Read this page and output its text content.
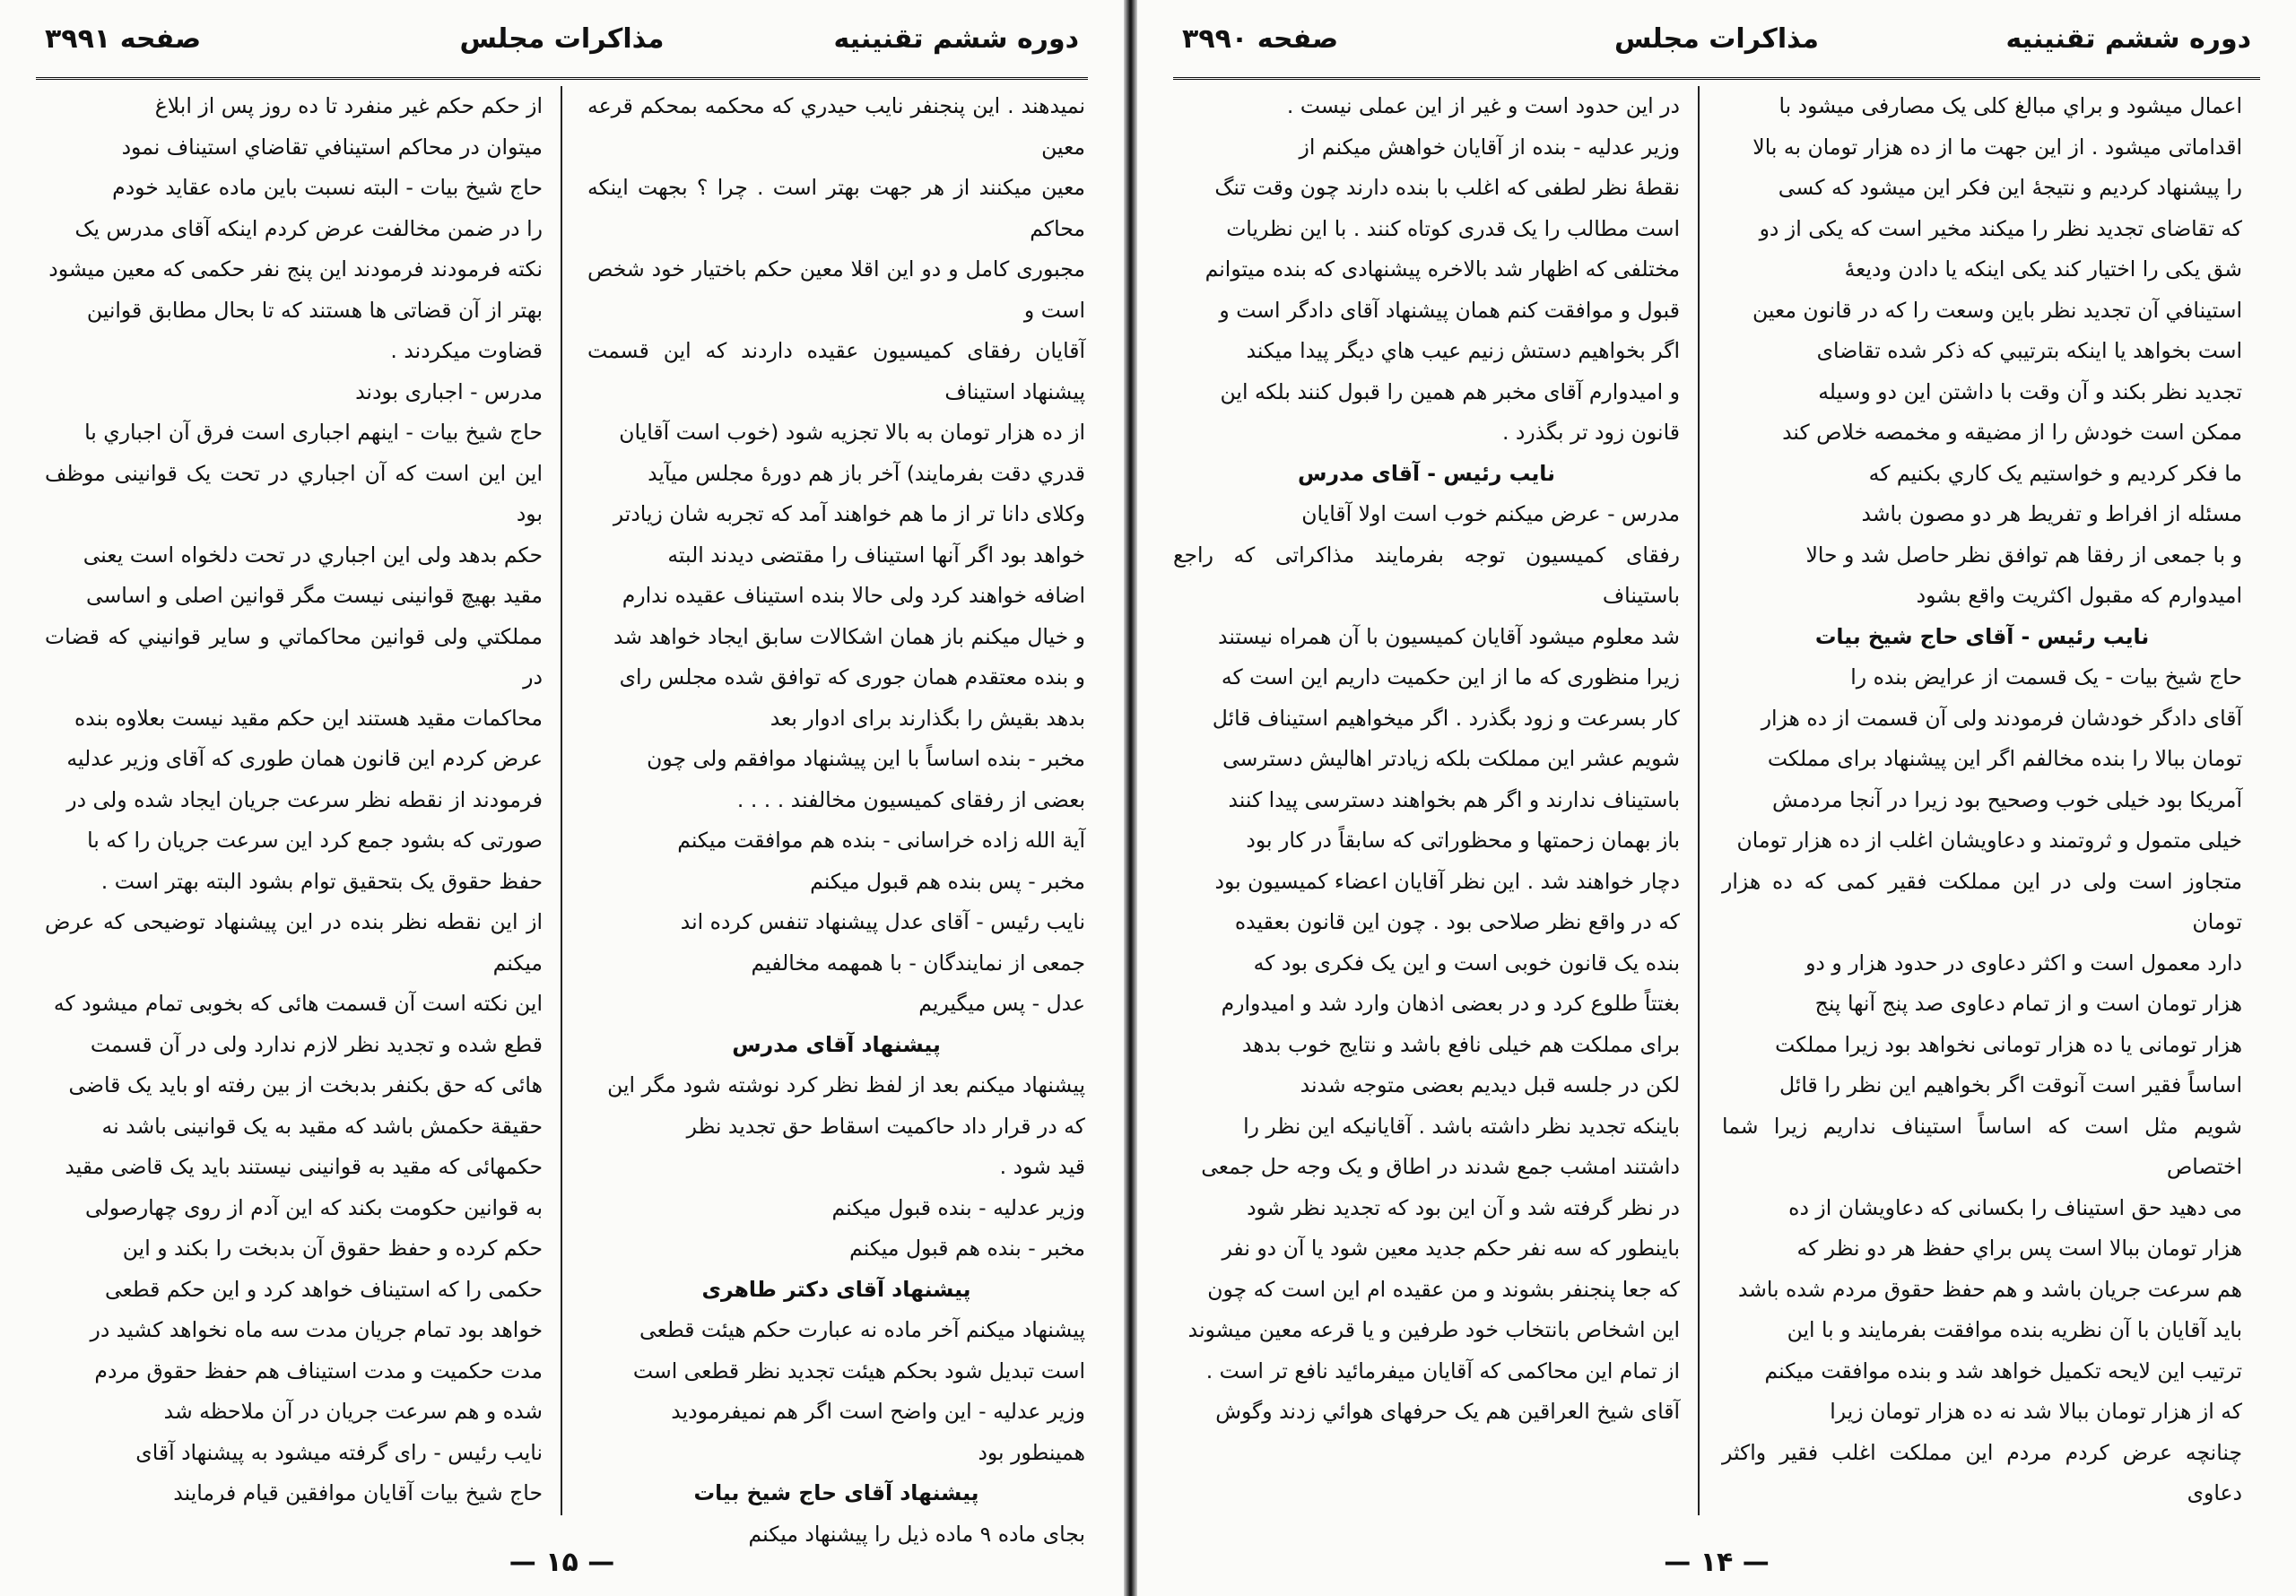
دوره ششم تقنینیه
مذاکرات مجلس
صفحه ۳۹۹۱

نمیدهند . این پنجنفر نایب حیدري که محکمه بمحکم قرعه معین

معین میکنند از هر جهت بهتر است . چرا ؟ بجهت اینکه محاکم

مجبوری کامل و دو این اقلا معین حکم باختیار خود شخص است و

آقایان رفقای کمیسیون عقیده داردند که این قسمت پیشنهاد استیناف

از ده هزار تومان به بالا تجزیه شود (خوب است آقایان

قدري دقت بفرمایند) آخر باز هم دورهٔ مجلس میآید

وکلای دانا تر از ما هم خواهند آمد که تجربه شان زیادتر

خواهد بود اگر آنها استیناف را مقتضی دیدند البته

اضافه خواهند کرد ولی حالا بنده استیناف عقیده ندارم

و خیال میکنم باز همان اشکالات سابق ایجاد خواهد شد

و بنده معتقدم همان جوری که توافق شده مجلس رای

بدهد بقیش را بگذارند برای ادوار بعد

مخبر - بنده اساساً با این پیشنهاد موافقم ولی چون

بعضی از رفقای کمیسیون مخالفند . . . .

آیة الله زاده خراسانی - بنده هم موافقت میکنم

مخبر - پس بنده هم قبول میکنم

نایب رئیس - آقای عدل پیشنهاد تنفس کرده اند

جمعی از نمایندگان - با همهمه مخالفیم

عدل - پس میگیریم

پیشنهاد آقای مدرس

پیشنهاد میکنم بعد از لفظ نظر کرد نوشته شود مگر این

که در قرار داد حاکمیت اسقاط حق تجدید نظر

قید شود .

وزیر عدلیه - بنده قبول میکنم

مخبر - بنده هم قبول میکنم

پیشنهاد آقای دکتر طاهری

پیشنهاد میکنم آخر ماده نه عبارت حکم هیئت قطعی

است تبدیل شود بحکم هیئت تجدید نظر قطعی است

وزیر عدلیه - این واضح است اگر هم نمیفرمودید

همینطور بود

پیشنهاد آقای حاج شیخ بیات

بجای ماده ۹ ماده ذیل را پیشنهاد میکنم

از حکم حکم غیر منفرد تا ده روز پس از ابلاغ

میتوان در محاکم استینافي تقاضاي استیناف نمود

حاج شیخ بیات - البته نسبت باین ماده عقاید خودم

را در ضمن مخالفت عرض کردم اینکه آقای مدرس یک

نکته فرمودند فرمودند این پنج نفر حکمی که معین میشود

بهتر از آن قضاتی ها هستند که تا بحال مطابق قوانین

قضاوت میکردند .

مدرس - اجباری بودند

حاج شیخ بیات - اینهم اجباری است فرق آن اجباري با

این این است که آن اجباري در تحت یک قوانینی موظف بود

حکم بدهد ولی این اجباري در تحت دلخواه است یعنی

مقید بهیچ قوانینی نیست مگر قوانین اصلی و اساسی

مملکتي ولی قوانین محاکماتي و سایر قوانیني که قضات در

محاکمات مقید هستند این حکم مقید نیست بعلاوه بنده

عرض کردم این قانون همان طوری که آقای وزیر عدلیه

فرمودند از نقطه نظر سرعت جریان ایجاد شده ولی در

صورتی که بشود جمع کرد این سرعت جریان را که با

حفظ حقوق یک بتحقیق توام بشود البته بهتر است .

از این نقطه نظر بنده در این پیشنهاد توضیحی که عرض میکنم

این نکته است آن قسمت هائی که بخوبی تمام میشود که

قطع شده و تجدید نظر لازم ندارد ولی در آن قسمت

هائی که حق بکنفر بدبخت از بین رفته او باید یک قاضی

حقیقة حکمش باشد که مقید به یک قوانینی باشد نه

حکمهائی که مقید به قوانینی نیستند باید یک قاضی مقید

به قوانین حکومت بکند که این آدم از روی چهارصولی

حکم کرده و حفظ حقوق آن بدبخت را بکند و این

حکمی را که استیناف خواهد کرد و این حکم قطعی

خواهد بود تمام جریان مدت سه ماه نخواهد کشید در

مدت حکمیت و مدت استیناف هم حفظ حقوق مردم

شده و هم سرعت جریان در آن ملاحظه شد

نایب رئیس - رای گرفته میشود به پیشنهاد آقای

حاج شیخ بیات آقایان موافقین قیام فرمایند

— ۱۵ —
دوره ششم تقنینیه
مذاکرات مجلس
صفحه ۳۹۹۰

اعمال میشود و براي مبالغ کلی یک مصارفی میشود با

اقداماتی میشود . از این جهت ما از ده هزار تومان به بالا

را پیشنهاد کردیم و نتیجهٔ این فکر این میشود که کسی

که تقاضای تجدید نظر را میکند مخیر است که یکی از دو

شق یکی را اختیار کند یکی اینکه یا دادن ودیعهٔ

استینافي آن تجدید نظر باین وسعت را که در قانون معین

است بخواهد یا اینکه بترتیبي که ذکر شده تقاضای

تجدید نظر بکند و آن وقت با داشتن این دو وسیله

ممکن است خودش را از مضیقه و مخمصه خلاص کند

ما فکر کردیم و خواستیم یک کاري بکنیم که

مسئله از افراط و تفریط هر دو مصون باشد

و با جمعی از رفقا هم توافق نظر حاصل شد و حالا

امیدوارم که مقبول اکثریت واقع بشود

نایب رئیس - آقای حاج شیخ بیات

حاج شیخ بیات - یک قسمت از عرایض بنده را

آقای دادگر خودشان فرمودند ولی آن قسمت از ده هزار

تومان ببالا را بنده مخالفم اگر این پیشنهاد برای مملکت

آمریکا بود خیلی خوب وصحیح بود زیرا در آنجا مردمش

خیلی متمول و ثروتمند و دعاویشان اغلب از ده هزار تومان

متجاوز است ولی در این مملکت فقیر کمی که ده هزار تومان

دارد معمول است و اکثر دعاوی در حدود هزار و دو

هزار تومان است و از تمام دعاوی صد پنج آنها پنج

هزار تومانی یا ده هزار تومانی نخواهد بود زیرا مملکت

اساساً فقیر است آنوقت اگر بخواهیم این نظر را قائل

شویم مثل است که اساساً استیناف نداریم زیرا شما اختصاص

می دهید حق استیناف را بکسانی که دعاویشان از ده

هزار تومان ببالا است پس براي حفظ هر دو نظر که

هم سرعت جریان باشد و هم حفظ حقوق مردم شده باشد

باید آقایان با آن نظریه بنده موافقت بفرمایند و با این

ترتیب این لایحه تکمیل خواهد شد و بنده موافقت میکنم

که از هزار تومان ببالا شد نه ده هزار تومان زیرا

چنانچه عرض کردم مردم این مملکت اغلب فقیر واکثر دعاوی

در این حدود است و غیر از این عملی نیست .

وزیر عدلیه - بنده از آقایان خواهش میکنم از

نقطهٔ نظر لطفی که اغلب با بنده دارند چون وقت تنگ

است مطالب را یک قدری کوتاه کنند . با این نظریات

مختلفی که اظهار شد بالاخره پیشنهادی که بنده میتوانم

قبول و موافقت کنم همان پیشنهاد آقای دادگر است و

اگر بخواهیم دستش زنیم عیب هاي دیگر پیدا میکند

و امیدوارم آقای مخبر هم همین را قبول کنند بلکه این

قانون زود تر بگذرد .

نایب رئیس - آقای مدرس

مدرس - عرض میکنم خوب است اولا آقایان

رفقای کمیسیون توجه بفرمایند مذاکراتی که راجع باستیناف

شد معلوم میشود آقایان کمیسیون با آن همراه نیستند

زیرا منظوری که ما از این حکمیت داریم این است که

کار بسرعت و زود بگذرد . اگر میخواهیم استیناف قائل

شویم عشر این مملکت بلکه زیادتر اهالیش دسترسی

باستیناف ندارند و اگر هم بخواهند دسترسی پیدا کنند

باز بهمان زحمتها و محظوراتی که سابقاً در کار بود

دچار خواهند شد . این نظر آقایان اعضاء کمیسیون بود

که در واقع نظر صلاحی بود . چون این قانون بعقیده

بنده یک قانون خوبی است و این یک فکری بود که

بغتتاً طلوع کرد و در بعضی اذهان وارد شد و امیدوارم

برای مملکت هم خیلی نافع باشد و نتایج خوب بدهد

لکن در جلسه قبل دیدیم بعضی متوجه شدند

باینکه تجدید نظر داشته باشد . آقایانیکه این نظر را

داشتند امشب جمع شدند در اطاق و یک وجه حل جمعی

در نظر گرفته شد و آن این بود که تجدید نظر شود

باینطور که سه نفر حکم جدید معین شود یا آن دو نفر

که جعا پنجنفر بشوند و من عقیده ام این است که چون

این اشخاص بانتخاب خود طرفین و یا قرعه معین میشوند

از تمام این محاکمی که آقایان میفرمائید نافع تر است .

آقای شیخ العراقین هم یک حرفهای هوائي زدند وگوش

— ۱۴ —
